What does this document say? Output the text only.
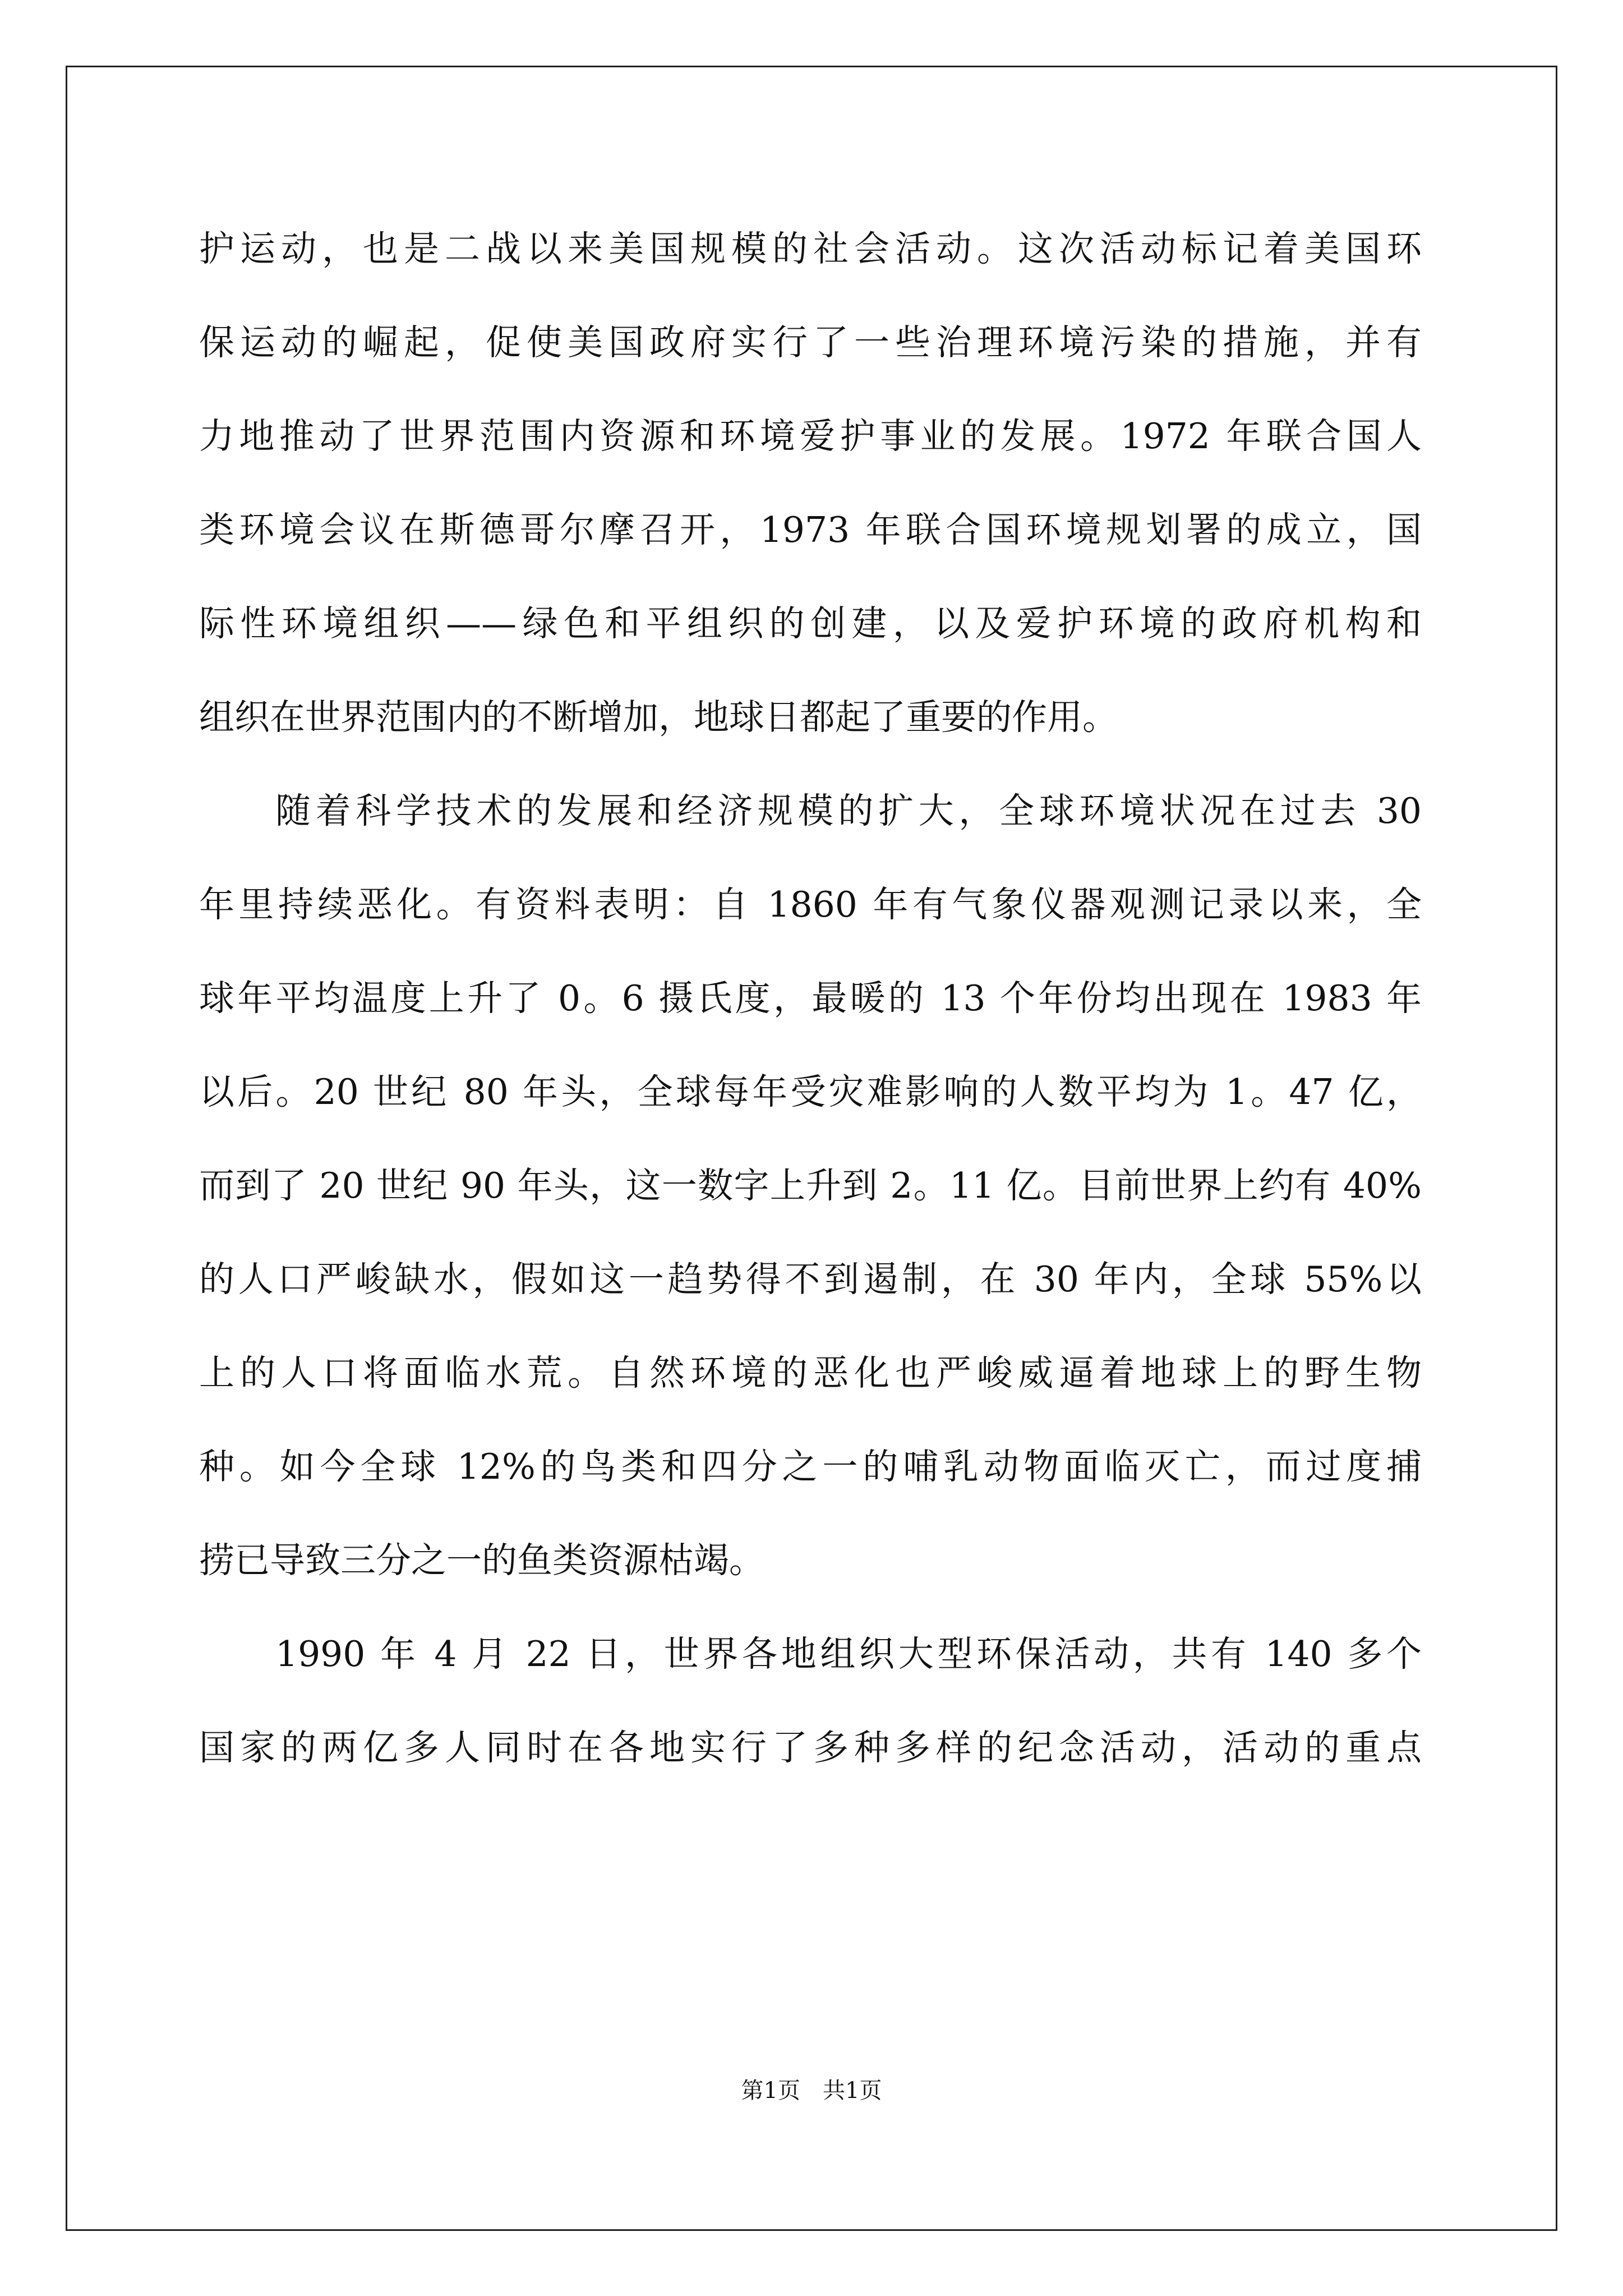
护运动，也是二战以来美国规模的社会活动。这次活动标记着美国环
保运动的崛起，促使美国政府实行了一些治理环境污染的措施，并有
力地推动了世界范围内资源和环境爱护事业的发展。1972 年联合国人
类环境会议在斯德哥尔摩召开，1973 年联合国环境规划署的成立，国
际性环境组织——绿色和平组织的创建，以及爱护环境的政府机构和
组织在世界范围内的不断增加，地球日都起了重要的作用。
随着科学技术的发展和经济规模的扩大，全球环境状况在过去 30
年里持续恶化。有资料表明：自 1860 年有气象仪器观测记录以来，全
球年平均温度上升了 0。6 摄氏度，最暖的 13 个年份均出现在 1983 年
以后。20 世纪 80 年头，全球每年受灾难影响的人数平均为 1。47 亿，
而到了 20 世纪 90 年头，这一数字上升到 2。11 亿。目前世界上约有 40%
的人口严峻缺水，假如这一趋势得不到遏制，在 30 年内，全球 55%以
上的人口将面临水荒。自然环境的恶化也严峻威逼着地球上的野生物
种。如今全球 12%的鸟类和四分之一的哺乳动物面临灭亡，而过度捕
捞已导致三分之一的鱼类资源枯竭。
1990 年 4 月 22 日，世界各地组织大型环保活动，共有 140 多个
国家的两亿多人同时在各地实行了多种多样的纪念活动，活动的重点
第1页　共1页
